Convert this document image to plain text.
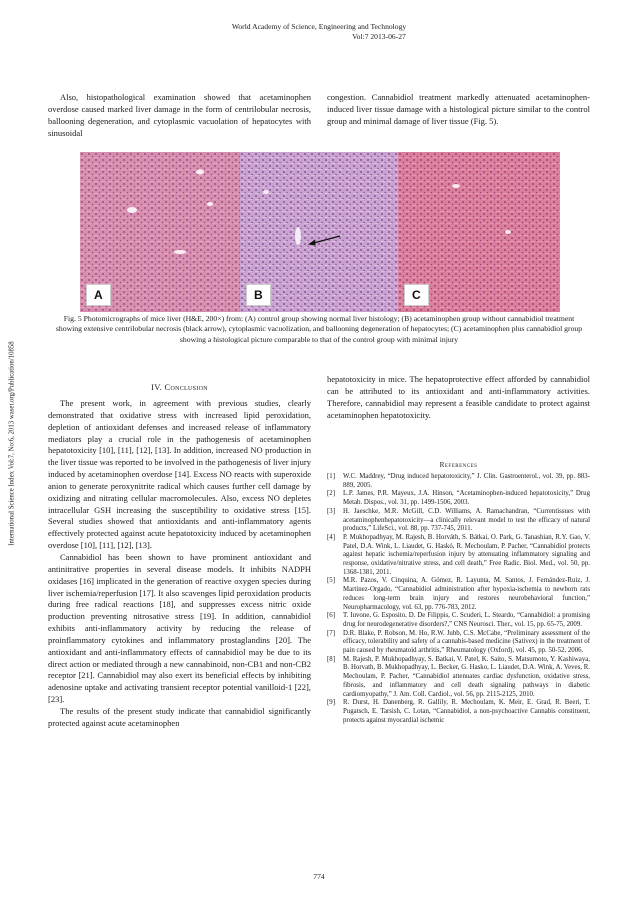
World Academy of Science, Engineering and Technology
Vol:7 2013-06-27
International Science Index Vol:7, No:6, 2013 waset.org/Publication/10858

Also, histopathological examination showed that acetaminophen overdose caused marked liver damage in the form of centrilobular necrosis, ballooning degeneration, and cytoplasmic vacuolation of hepatocytes with sinusoidal

congestion. Cannabidiol treatment markedly attenuated acetaminophen-induced liver tissue damage with a histological picture similar to the control group and minimal damage of liver tissue (Fig. 5).

A	B	C
Fig. 5 Photomicrographs of mice liver (H&E, 200×) from: (A) control group showing normal liver histology; (B) acetaminophen group without cannabidiol treatment showing extensive centrilobular necrosis (black arrow), cytoplasmic vacuolization, and ballooning degeneration of hepatocytes; (C) acetaminophen plus cannabidiol group showing a histological picture comparable to that of the control group with minimal injury
IV. Conclusion

The present work, in agreement with previous studies, clearly demonstrated that oxidative stress with increased lipid peroxidation, depletion of antioxidant defenses and increased release of inflammatory mediators play a crucial role in the pathogenesis of acetaminophen hepatotoxicity [10], [11], [12], [13]. In addition, increased NO production in the liver tissue was reported to be involved in the pathogenesis of liver injury induced by acetaminophen overdose [14]. Excess NO reacts with superoxide anion to generate peroxynitrite radical which causes further cell damage by oxidizing and nitrating cellular macromolecules. Also, excess NO depletes intracellular GSH increasing the susceptibility to oxidative stress [15]. Several studies showed that antioxidants and anti-inflammatory agents effectively protected against acute hepatotoxicity induced by acetaminophen overdose [10], [11], [12], [13].

Cannabidiol has been shown to have prominent antioxidant and antinitrative properties in several disease models. It inhibits NADPH oxidases [16] implicated in the generation of reactive oxygen species during liver ischemia/reperfusion [17]. It also scavenges lipid peroxidation products during free radical reactions [18], and suppresses excess nitric oxide production preventing nitrosative stress [19]. In addition, cannabidiol exhibits anti-inflammatory activity by reducing the release of proinflammatory cytokines and inflammatory prostaglandins [20]. The antioxidant and anti-inflammatory effects of cannabidiol may be due to its direct action or mediated through a new cannabinoid, non-CB1 and non-CB2 receptor [21]. Cannabidiol may also exert its beneficial effects by inhibiting adenosine uptake and activating transient receptor potential vanilloid-1 [22], [23].

The results of the present study indicate that cannabidiol significantly protected against acute acetaminophen

hepatotoxicity in mice. The hepatoprotective effect afforded by cannabidiol can be attributed to its antioxidant and anti-inflammatory activities. Therefore, cannabidiol may represent a feasible candidate to protect against acetaminophen hepatotoxicity.

References
[1]	W.C. Maddrey, “Drug induced hepatotoxicity,” J. Clin. Gastroenterol., vol. 39, pp. 883-889, 2005.
[2]	L.P. James, P.R. Mayeux, J.A. Hinson, “Acetaminophen-induced hepatotoxicity,” Drug Metab. Dispos., vol. 31, pp. 1499-1506, 2003.
[3]	H. Jaeschke, M.R. McGill, C.D. Williams, A. Ramachandran, “Currentissues with acetaminophenhepatotoxicity—a clinically relevant model to test the efficacy of natural products,” LifeSci., vol. 88, pp. 737-745, 2011.
[4]	P. Mukhopadhyay, M. Rajesh, B. Horváth, S. Bátkai, O. Park, G. Tanashian, R.Y. Gao, V. Patel, D.A. Wink, L. Liaudet, G. Haskó, R. Mechoulam, P. Pacher, “Cannabidiol protects against hepatic ischemia/reperfusion injury by attenuating inflammatory signaling and response, oxidative/nitrative stress, and cell death,” Free Radic. Biol. Med., vol. 50, pp. 1368-1381, 2011.
[5]	M.R. Pazos, V. Cinquina, A. Gómez, R. Layunta, M. Santos, J. Fernández-Ruiz, J. Martínez-Orgado, “Cannabidiol administration after hypoxia-ischemia to newborn rats reduces long-term brain injury and restores neurobehavioral function,” Neuropharmacology, vol. 63, pp. 776-783, 2012.
[6]	T. Iuvone, G. Esposito, D. De Filippis, C. Scuderi, L. Steardo, “Cannabidiol: a promising drug for neurodegenerative disorders?,” CNS Neurosci. Ther., vol. 15, pp. 65-75, 2009.
[7]	D.R. Blake, P. Robson, M. Ho, R.W. Jubb, C.S. McCabe, “Preliminary assessment of the efficacy, tolerability and safety of a cannabis-based medicine (Sativex) in the treatment of pain caused by rheumatoid arthritis,” Rheumatology (Oxford), vol. 45, pp. 50-52, 2006.
[8]	M. Rajesh, P. Mukhopadhyay, S. Batkai, V. Patel, K. Saito, S. Matsumoto, Y. Kashiwaya, B. Horvath, B. Mukhopadhyay, L. Becker, G. Hasko, L. Liaudet, D.A. Wink, A. Veves, R. Mechoulam, P. Pacher, “Cannabidiol attenuates cardiac dysfunction, oxidative stress, fibrosis, and inflammatory and cell death signaling pathways in diabetic cardiomyopathy,” J. Am. Coll. Cardiol., vol. 56, pp. 2115-2125, 2010.
[9]	R. Durst, H. Danenberg, R. Gallily, R. Mechoulam, K. Meir, E. Grad, R. Beeri, T. Pugatsch, E. Tarsish, C. Lotan, “Cannabidiol, a non-psychoactive Cannabis constituent, protects against myocardial ischemic
774
